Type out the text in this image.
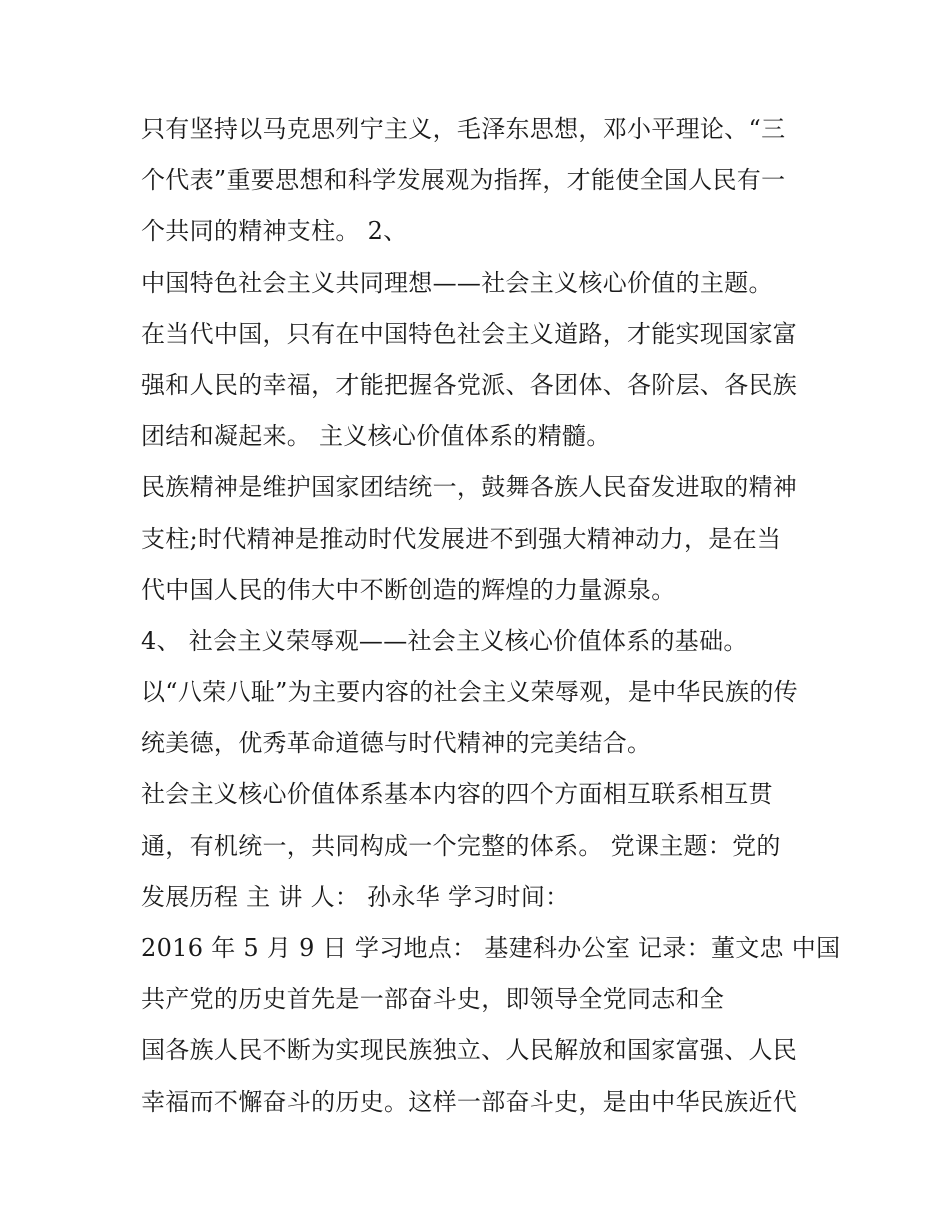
只有坚持以马克思列宁主义，毛泽东思想，邓小平理论、“三
个代表”重要思想和科学发展观为指挥，才能使全国人民有一
个共同的精神支柱。 2、
中国特色社会主义共同理想——社会主义核心价值的主题。
在当代中国，只有在中国特色社会主义道路，才能实现国家富
强和人民的幸福，才能把握各党派、各团体、各阶层、各民族
团结和凝起来。 主义核心价值体系的精髓。
民族精神是维护国家团结统一，鼓舞各族人民奋发进取的精神
支柱;时代精神是推动时代发展进不到强大精神动力，是在当
代中国人民的伟大中不断创造的辉煌的力量源泉。
4、 社会主义荣辱观——社会主义核心价值体系的基础。
以“八荣八耻”为主要内容的社会主义荣辱观，是中华民族的传
统美德，优秀革命道德与时代精神的完美结合。
社会主义核心价值体系基本内容的四个方面相互联系相互贯
通，有机统一，共同构成一个完整的体系。 党课主题：党的
发展历程 主 讲 人： 孙永华 学习时间：
2016 年 5 月 9 日 学习地点： 基建科办公室 记录：董文忠 中国
共产党的历史首先是一部奋斗史，即领导全党同志和全
国各族人民不断为实现民族独立、人民解放和国家富强、人民
幸福而不懈奋斗的历史。这样一部奋斗史，是由中华民族近代
